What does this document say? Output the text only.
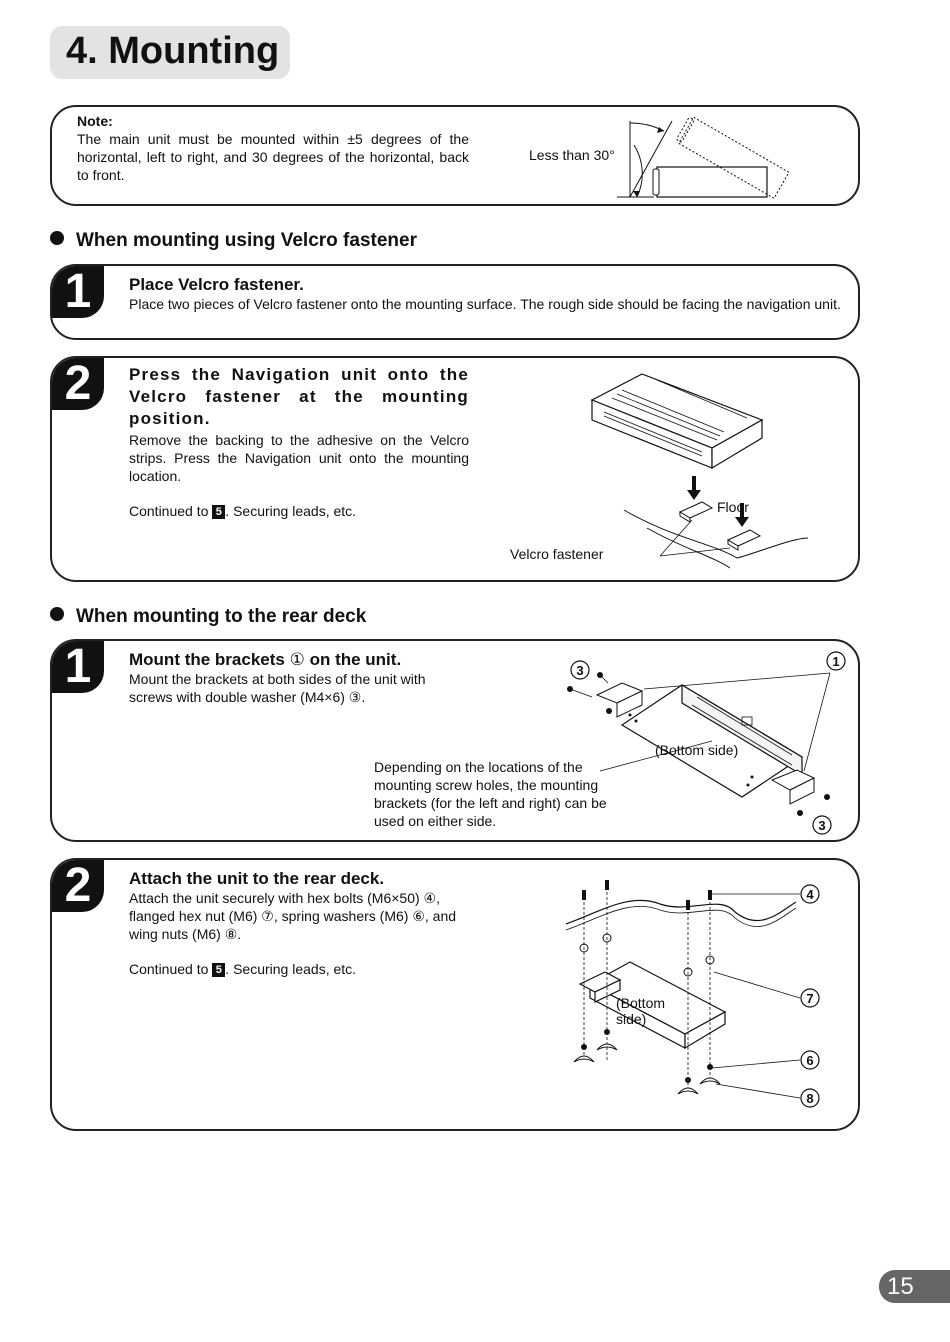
4. Mounting
Note:
The main unit must be mounted within ±5 degrees of the horizontal, left to right, and 30 degrees of the horizontal, back to front.
Less than 30°
When mounting using Velcro fastener
1	Place Velcro fastener.
Place two pieces of Velcro fastener onto the mounting surface. The rough side should be facing the navigation unit.
2	Press the Navigation unit onto the Velcro fastener at the mounting position.
Remove the backing to the adhesive on the Velcro strips. Press the Navigation unit onto the mounting location.
Continued to 5 . Securing leads, etc.	Floor
Velcro fastener
When mounting to the rear deck
1	Mount the brackets ① on the unit.
Mount the brackets at both sides of the unit with screws with double washer (M4×6) ③.
Depending on the locations of the mounting screw holes, the mounting brackets (for the left and right) can be used on either side.
3
1
3
(Bottom side)
2	Attach the unit to the rear deck.
Attach the unit securely with hex bolts (M6×50) ④, flanged hex nut (M6) ⑦, spring washers (M6) ⑥, and wing nuts (M6) ⑧.
Continued to 5 . Securing leads, etc.
4
7
6
8
(Bottom
side)
15
